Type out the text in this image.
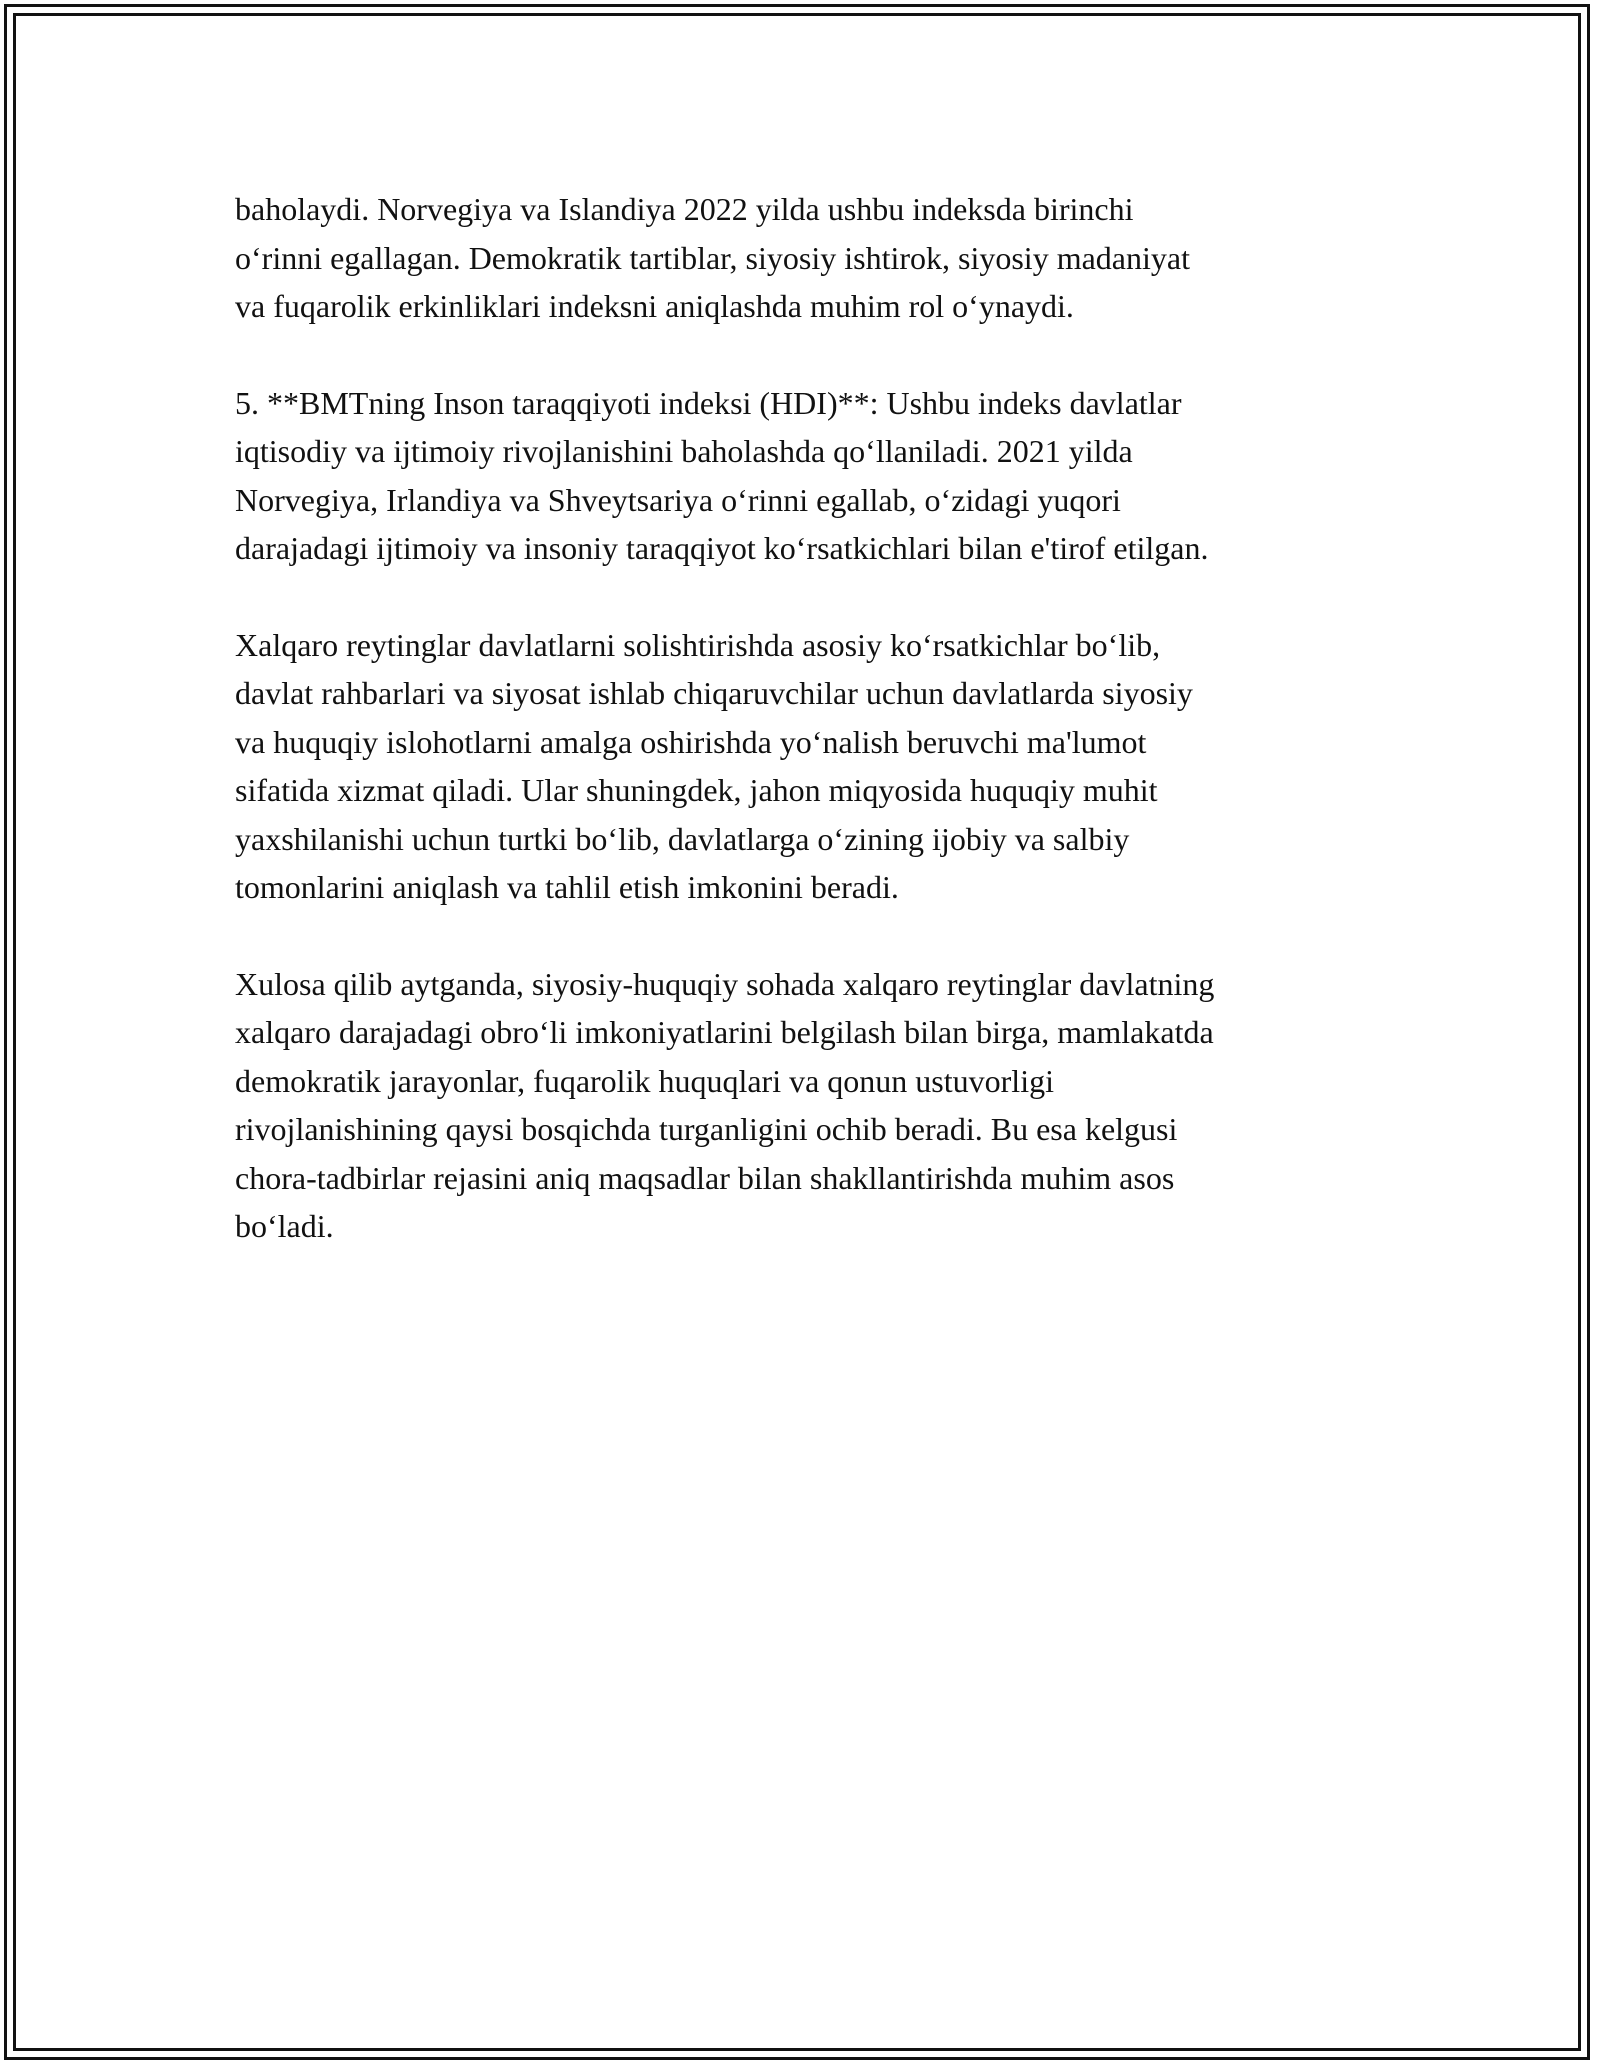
baholaydi. Norvegiya va Islandiya 2022 yilda ushbu indeksda birinchi
o‘rinni egallagan. Demokratik tartiblar, siyosiy ishtirok, siyosiy madaniyat
va fuqarolik erkinliklari indeksni aniqlashda muhim rol o‘ynaydi.

5. **BMTning Inson taraqqiyoti indeksi (HDI)**: Ushbu indeks davlatlar
iqtisodiy va ijtimoiy rivojlanishini baholashda qo‘llaniladi. 2021 yilda
Norvegiya, Irlandiya va Shveytsariya o‘rinni egallab, o‘zidagi yuqori
darajadagi ijtimoiy va insoniy taraqqiyot ko‘rsatkichlari bilan e'tirof etilgan.

Xalqaro reytinglar davlatlarni solishtirishda asosiy ko‘rsatkichlar bo‘lib,
davlat rahbarlari va siyosat ishlab chiqaruvchilar uchun davlatlarda siyosiy
va huquqiy islohotlarni amalga oshirishda yo‘nalish beruvchi ma'lumot
sifatida xizmat qiladi. Ular shuningdek, jahon miqyosida huquqiy muhit
yaxshilanishi uchun turtki bo‘lib, davlatlarga o‘zining ijobiy va salbiy
tomonlarini aniqlash va tahlil etish imkonini beradi.

Xulosa qilib aytganda, siyosiy-huquqiy sohada xalqaro reytinglar davlatning
xalqaro darajadagi obro‘li imkoniyatlarini belgilash bilan birga, mamlakatda
demokratik jarayonlar, fuqarolik huquqlari va qonun ustuvorligi
rivojlanishining qaysi bosqichda turganligini ochib beradi. Bu esa kelgusi
chora-tadbirlar rejasini aniq maqsadlar bilan shakllantirishda muhim asos
bo‘ladi.
